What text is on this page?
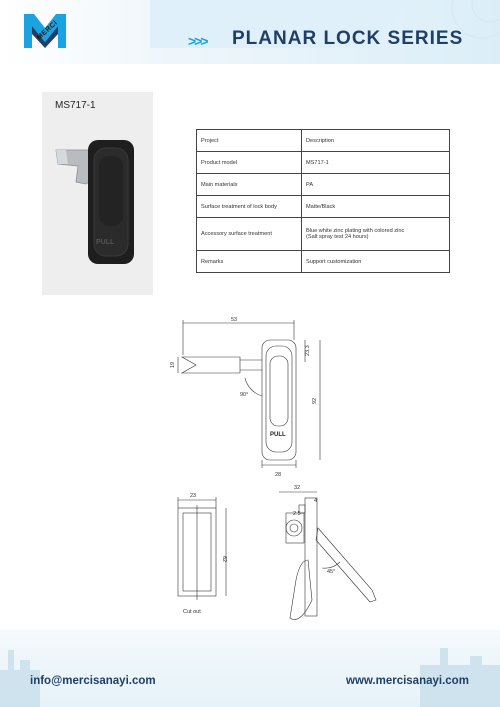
MERCI	>>> PLANAR LOCK SERIES
PULL
MS717-1
Project	Description
Product model	MS717-1
Main materials	PA
Surface treatment of lock body	Matte/Black
Accessory surface treatment	Blue white zinc plating with colored zinc
(Salt spray test 24 hours)

Remarks	Support customization
53
19
23.3
92
28
90°
PULL
23
62
32
4
2.5
45°
Cut out
info@mercisanayi.com	www.mercisanayi.com
